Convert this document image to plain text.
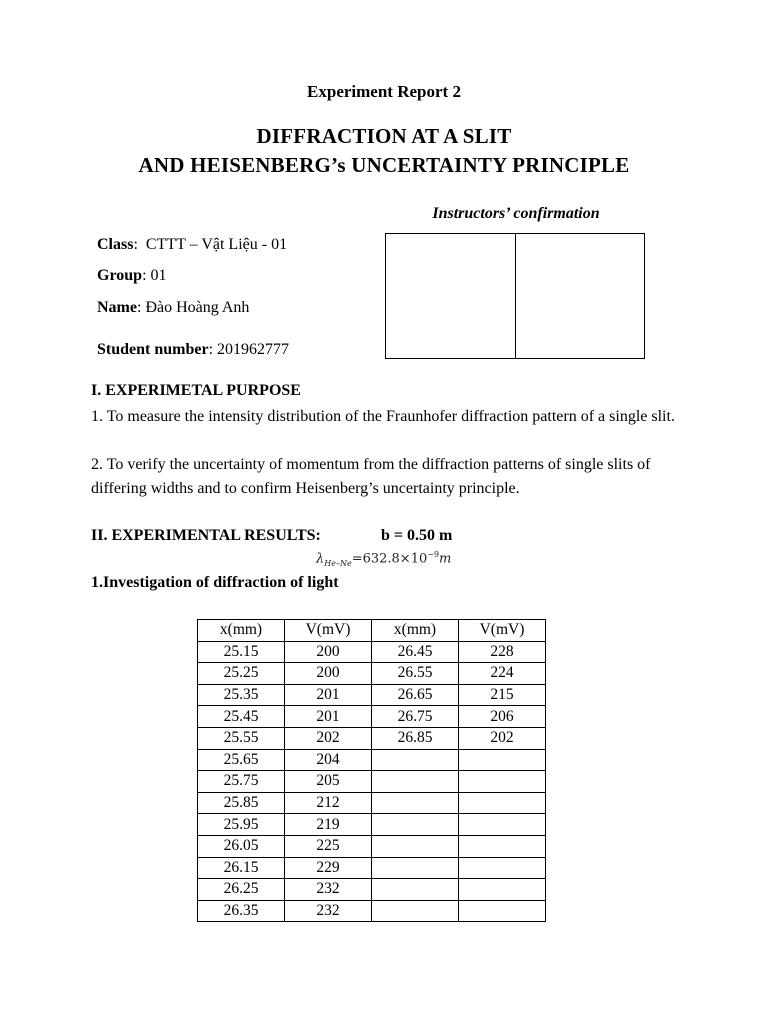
Experiment Report 2
DIFFRACTION AT A SLIT
AND HEISENBERG’s UNCERTAINTY PRINCIPLE
Instructors’ confirmation
Class:  CTTT – Vật Liệu - 01
Group: 01
Name: Đào Hoàng Anh
Student number: 201962777
I. EXPERIMETAL PURPOSE
1. To measure the intensity distribution of the Fraunhofer diffraction pattern of a single slit.
2. To verify the uncertainty of momentum from the diffraction patterns of single slits of differing widths and to confirm Heisenberg’s uncertainty principle.
II. EXPERIMENTAL RESULTS:	b = 0.50 m
$\lambda_{He-Ne}=632.8\times 10^{-9}m$
1.Investigation of diffraction of light
x(mm)	V(mV)	x(mm)	V(mV)
25.15	200	26.45	228
25.25	200	26.55	224
25.35	201	26.65	215
25.45	201	26.75	206
25.55	202	26.85	202
25.65	204		
25.75	205		
25.85	212		
25.95	219		
26.05	225		
26.15	229		
26.25	232		
26.35	232		
